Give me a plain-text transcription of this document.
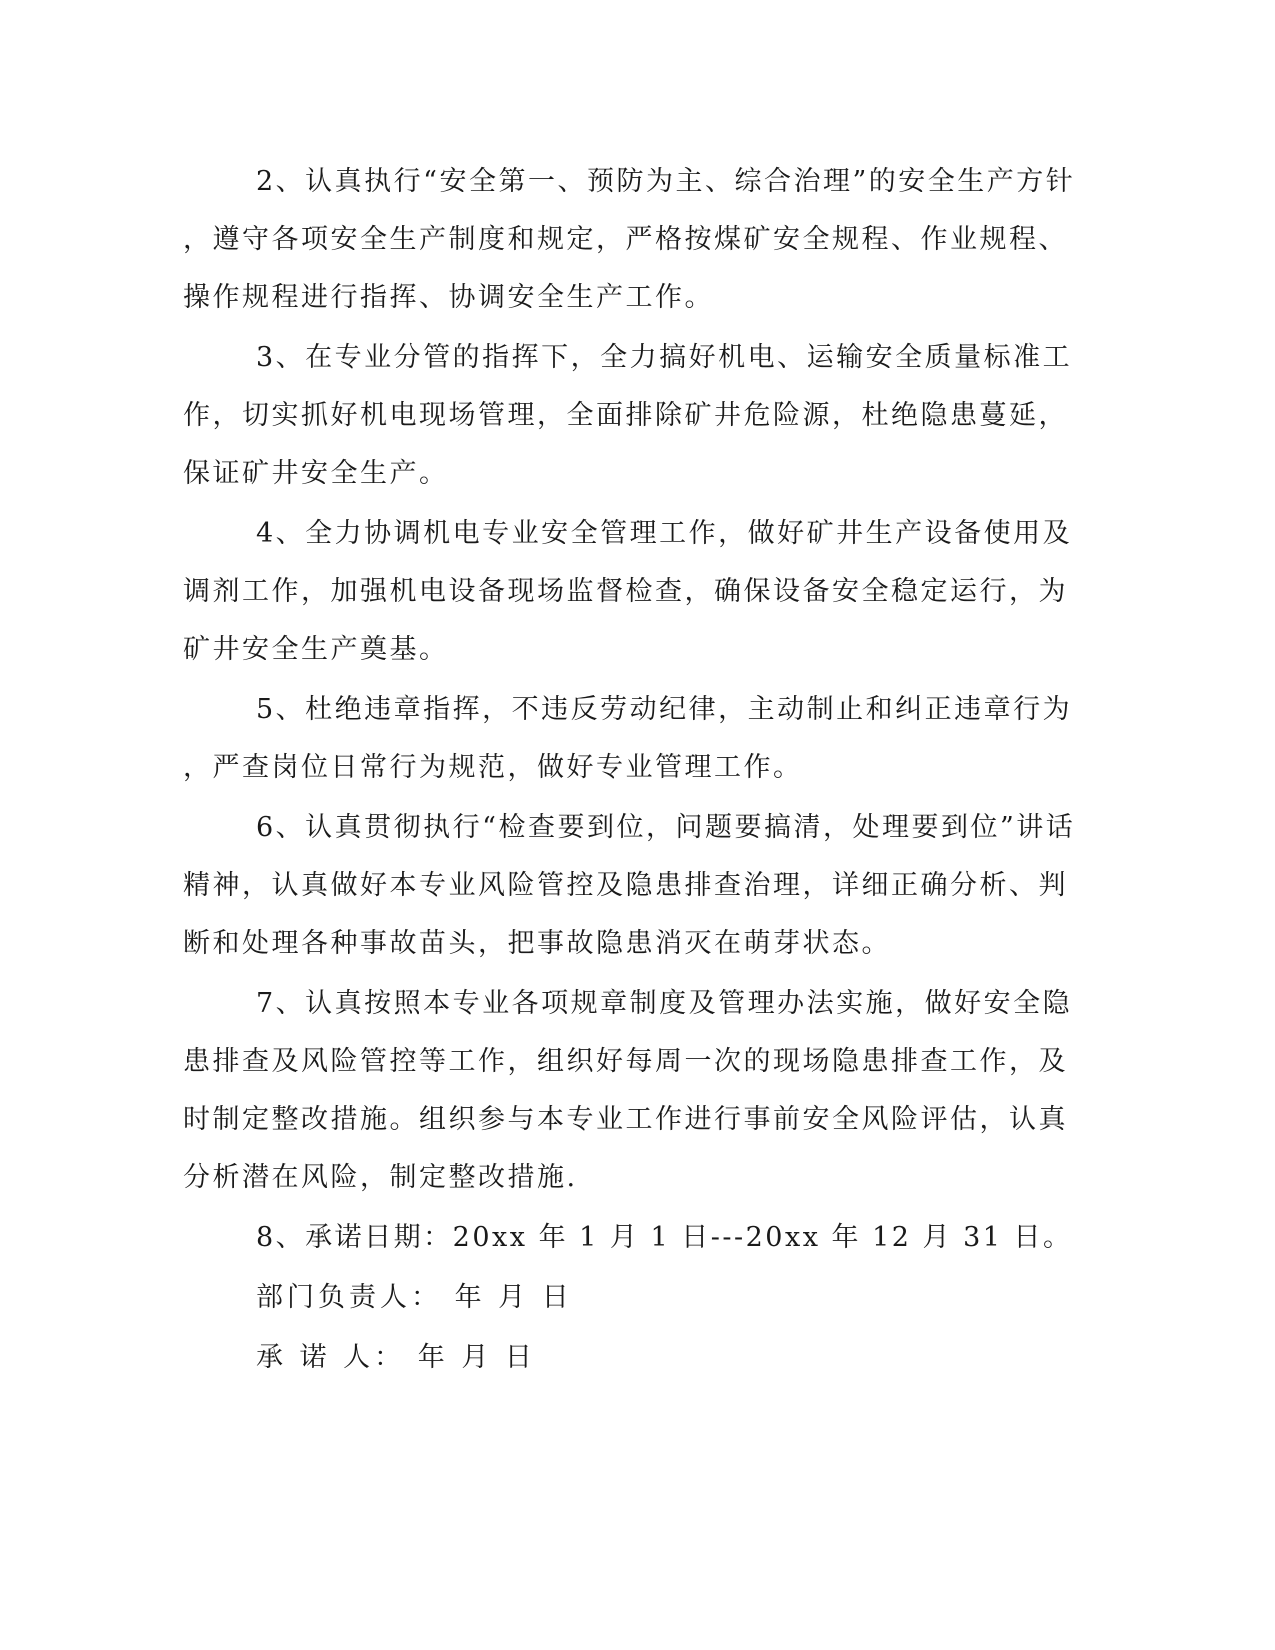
2、认真执行“安全第一、预防为主、综合治理”的安全生产方针
，遵守各项安全生产制度和规定，严格按煤矿安全规程、作业规程、
操作规程进行指挥、协调安全生产工作。
3、在专业分管的指挥下，全力搞好机电、运输安全质量标准工
作，切实抓好机电现场管理，全面排除矿井危险源，杜绝隐患蔓延，
保证矿井安全生产。
4、全力协调机电专业安全管理工作，做好矿井生产设备使用及
调剂工作，加强机电设备现场监督检查，确保设备安全稳定运行，为
矿井安全生产奠基。
5、杜绝违章指挥，不违反劳动纪律，主动制止和纠正违章行为
，严查岗位日常行为规范，做好专业管理工作。
6、认真贯彻执行“检查要到位，问题要搞清，处理要到位”讲话
精神，认真做好本专业风险管控及隐患排查治理，详细正确分析、判
断和处理各种事故苗头，把事故隐患消灭在萌芽状态。
7、认真按照本专业各项规章制度及管理办法实施，做好安全隐
患排查及风险管控等工作，组织好每周一次的现场隐患排查工作，及
时制定整改措施。组织参与本专业工作进行事前安全风险评估，认真
分析潜在风险，制定整改措施.
8、承诺日期：20xx 年 1 月 1 日---20xx 年 12 月 31 日。
部门负责人： 年 月 日
承 诺 人： 年 月 日
